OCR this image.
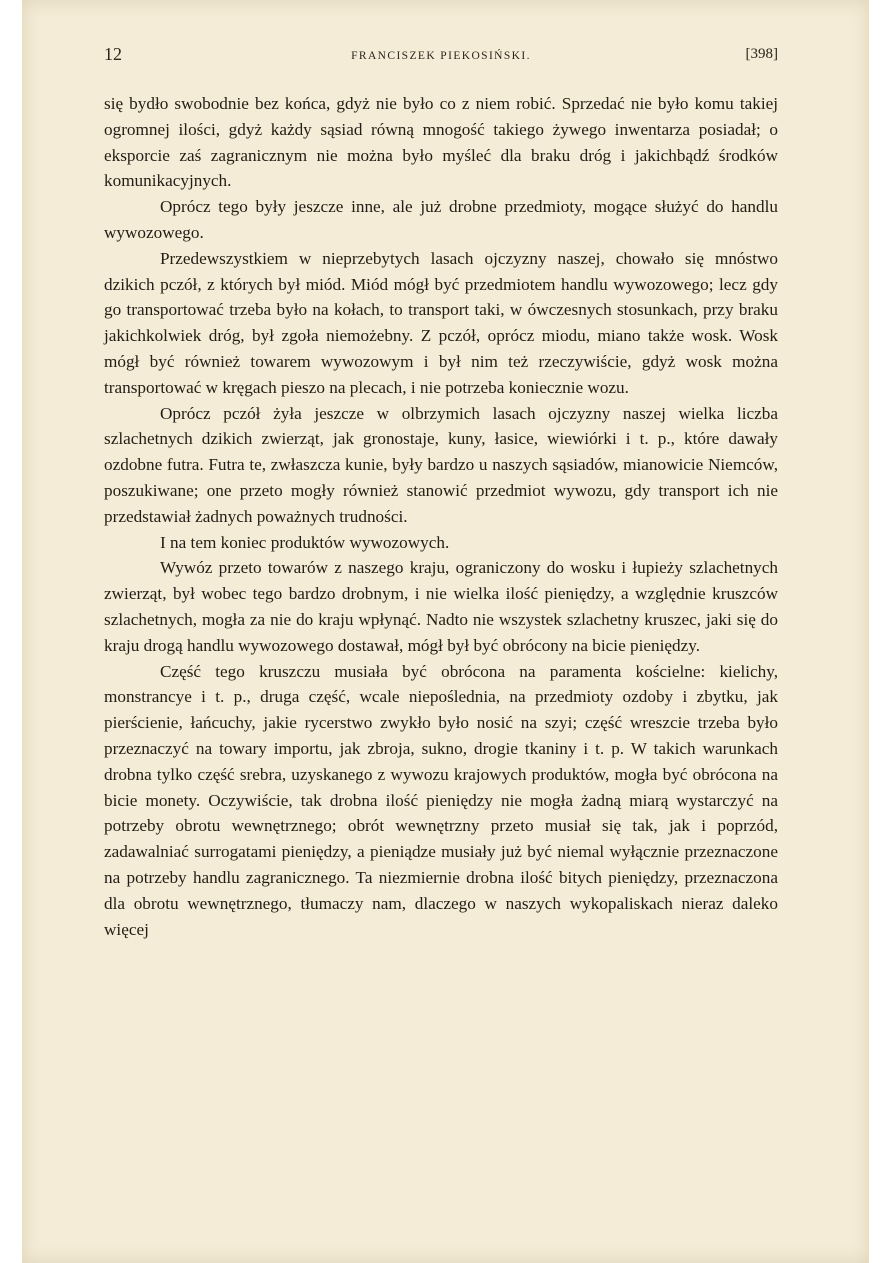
12	FRANCISZEK PIEKOSIŃSKI.	[398]

się bydło swobodnie bez końca, gdyż nie było co z niem robić. Sprzedać nie było komu takiej ogromnej ilości, gdyż każdy sąsiad równą mnogość takiego żywego inwentarza posiadał; o eksporcie zaś zagranicznym nie można było myśleć dla braku dróg i jakichbądź środków komunikacyjnych.

Oprócz tego były jeszcze inne, ale już drobne przedmioty, mogące służyć do handlu wywozowego.

Przedewszystkiem w nieprzebytych lasach ojczyzny naszej, chowało się mnóstwo dzikich pczół, z których był miód. Miód mógł być przedmiotem handlu wywozowego; lecz gdy go transportować trzeba było na kołach, to transport taki, w ówczesnych stosunkach, przy braku jakichkolwiek dróg, był zgoła niemożebny. Z pczół, oprócz miodu, miano także wosk. Wosk mógł być również towarem wywozowym i był nim też rzeczywiście, gdyż wosk można transportować w kręgach pieszo na plecach, i nie potrzeba koniecznie wozu.

Oprócz pczół żyła jeszcze w olbrzymich lasach ojczyzny naszej wielka liczba szlachetnych dzikich zwierząt, jak gronostaje, kuny, łasice, wiewiórki i t. p., które dawały ozdobne futra. Futra te, zwłaszcza kunie, były bardzo u naszych sąsiadów, mianowicie Niemców, poszukiwane; one przeto mogły również stanowić przedmiot wywozu, gdy transport ich nie przedstawiał żadnych poważnych trudności.

I na tem koniec produktów wywozowych.

Wywóz przeto towarów z naszego kraju, ograniczony do wosku i łupieży szlachetnych zwierząt, był wobec tego bardzo drobnym, i nie wielka ilość pieniędzy, a względnie kruszców szlachetnych, mogła za nie do kraju wpłynąć. Nadto nie wszystek szlachetny kruszec, jaki się do kraju drogą handlu wywozowego dostawał, mógł był być obrócony na bicie pieniędzy.

Część tego kruszczu musiała być obrócona na paramenta kościelne: kielichy, monstrancye i t. p., druga część, wcale niepoślednia, na przedmioty ozdoby i zbytku, jak pierścienie, łańcuchy, jakie rycerstwo zwykło było nosić na szyi; część wreszcie trzeba było przeznaczyć na towary importu, jak zbroja, sukno, drogie tkaniny i t. p. W takich warunkach drobna tylko część srebra, uzyskanego z wywozu krajowych produktów, mogła być obrócona na bicie monety. Oczywiście, tak drobna ilość pieniędzy nie mogła żadną miarą wystarczyć na potrzeby obrotu wewnętrznego; obrót wewnętrzny przeto musiał się tak, jak i poprzód, zadawalniać surrogatami pieniędzy, a pieniądze musiały już być niemal wyłącznie przeznaczone na potrzeby handlu zagranicznego. Ta niezmiernie drobna ilość bitych pieniędzy, przeznaczona dla obrotu wewnętrznego, tłumaczy nam, dlaczego w naszych wykopaliskach nieraz daleko więcej
